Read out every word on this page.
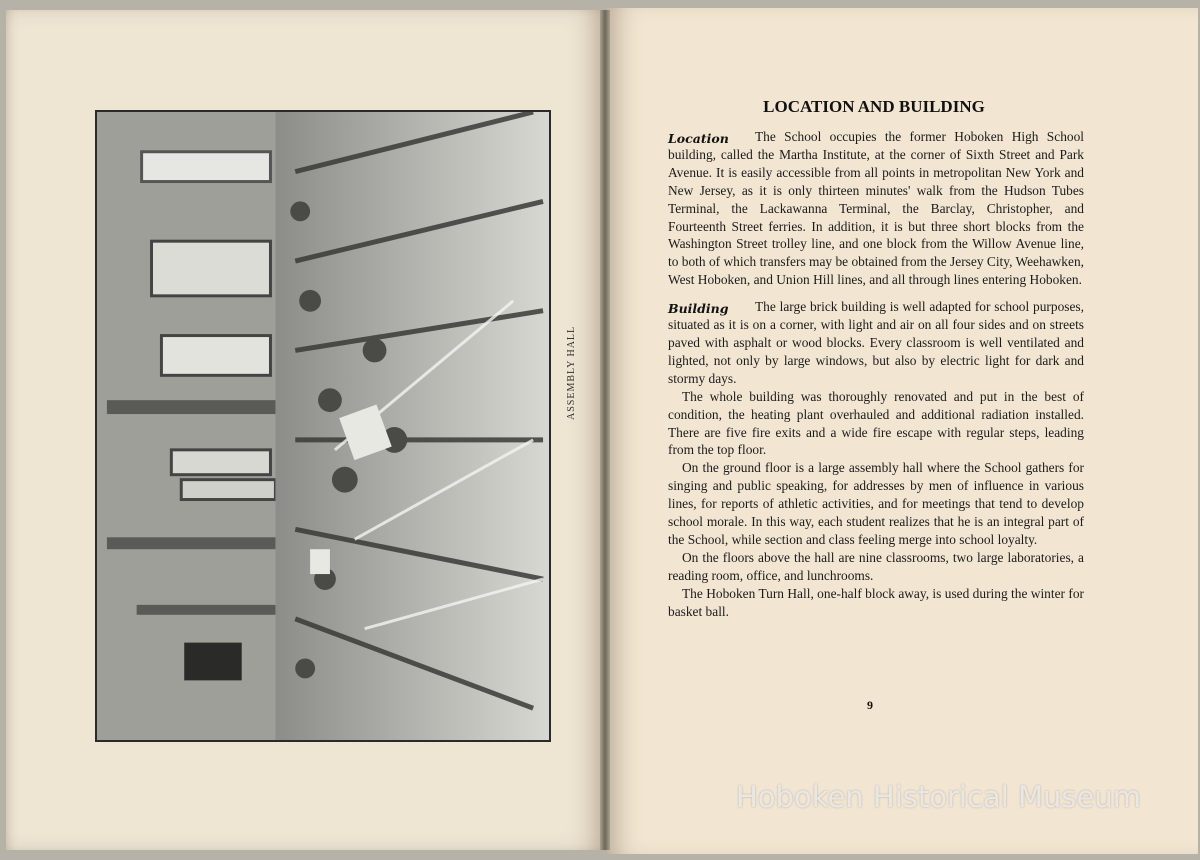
ASSEMBLY HALL
LOCATION AND BUILDING
Location	The School occupies the former Hoboken High School building, called the Martha Institute, at the corner of Sixth Street and Park Avenue. It is easily accessible from all points in metropolitan New York and New Jersey, as it is only thirteen minutes' walk from the Hudson Tubes Terminal, the Lackawanna Terminal, the Barclay, Christopher, and Fourteenth Street ferries. In addition, it is but three short blocks from the Washington Street trolley line, and one block from the Willow Avenue line, to both of which transfers may be obtained from the Jersey City, Weehawken, West Hoboken, and Union Hill lines, and all through lines entering Hoboken.

Building	The large brick building is well adapted for school purposes, situated as it is on a corner, with light and air on all four sides and on streets paved with asphalt or wood blocks. Every classroom is well ventilated and lighted, not only by large windows, but also by electric light for dark and stormy days.

The whole building was thoroughly renovated and put in the best of condition, the heating plant overhauled and additional radiation installed. There are five fire exits and a wide fire escape with regular steps, leading from the top floor.

On the ground floor is a large assembly hall where the School gathers for singing and public speaking, for addresses by men of influence in various lines, for reports of athletic activities, and for meetings that tend to develop school morale. In this way, each student realizes that he is an integral part of the School, while section and class feeling merge into school loyalty.

On the floors above the hall are nine classrooms, two large laboratories, a reading room, office, and lunchrooms.

The Hoboken Turn Hall, one-half block away, is used during the winter for basket ball.

9
Hoboken Historical Museum
